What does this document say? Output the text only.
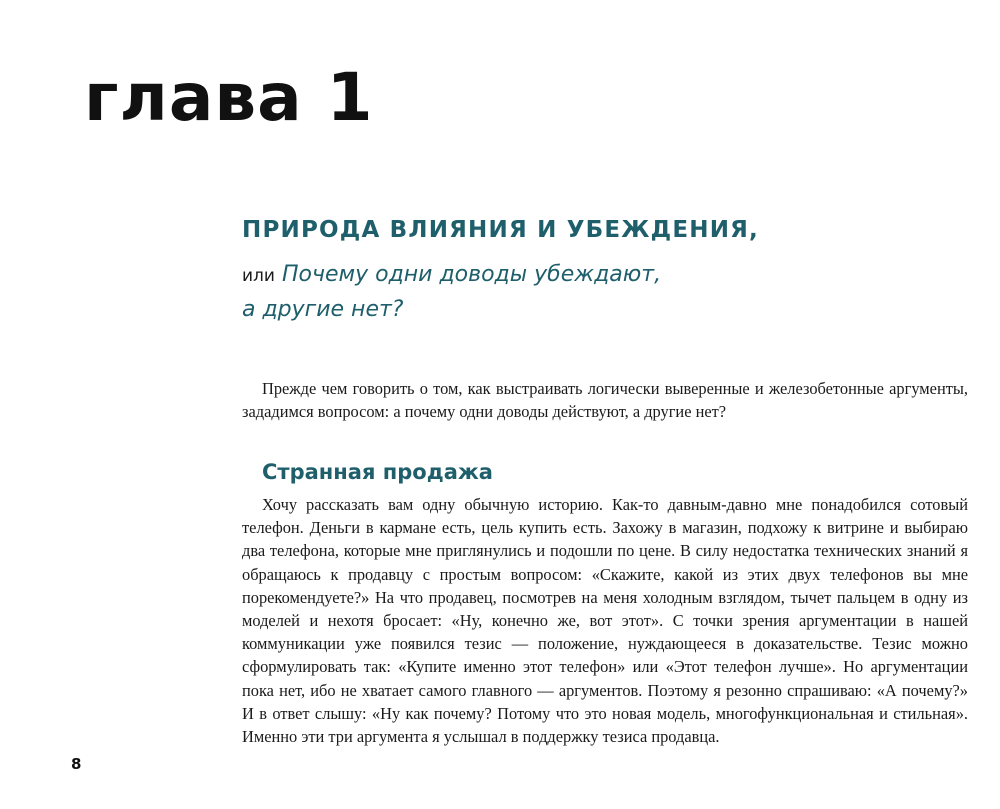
глава 1
ПРИРОДА ВЛИЯНИЯ И УБЕЖДЕНИЯ,

или Почему одни доводы убеждают,
а другие нет?

Прежде чем говорить о том, как выстраивать логически выверенные и железобетонные аргументы, зададимся вопросом: а почему одни доводы действуют, а другие нет?

Странная продажа

Хочу рассказать вам одну обычную историю. Как-то давным-давно мне понадобился сотовый телефон. Деньги в кармане есть, цель купить есть. Захожу в магазин, подхожу к витрине и выбираю два телефона, которые мне приглянулись и подошли по цене. В силу недостатка технических знаний я обращаюсь к продавцу с простым вопросом: «Скажите, какой из этих двух телефонов вы мне порекомендуете?» На что продавец, посмотрев на меня холодным взглядом, тычет пальцем в одну из моделей и нехотя бросает: «Ну, конечно же, вот этот». С точки зрения аргументации в нашей коммуникации уже появился тезис — положение, нуждающееся в доказательстве. Тезис можно сформулировать так: «Купите именно этот телефон» или «Этот телефон лучше». Но аргументации пока нет, ибо не хватает самого главного — аргументов. Поэтому я резонно спрашиваю: «А почему?» И в ответ слышу: «Ну как почему? Потому что это новая модель, многофункциональная и стильная». Именно эти три аргумента я услышал в поддержку тезиса продавца.

8
